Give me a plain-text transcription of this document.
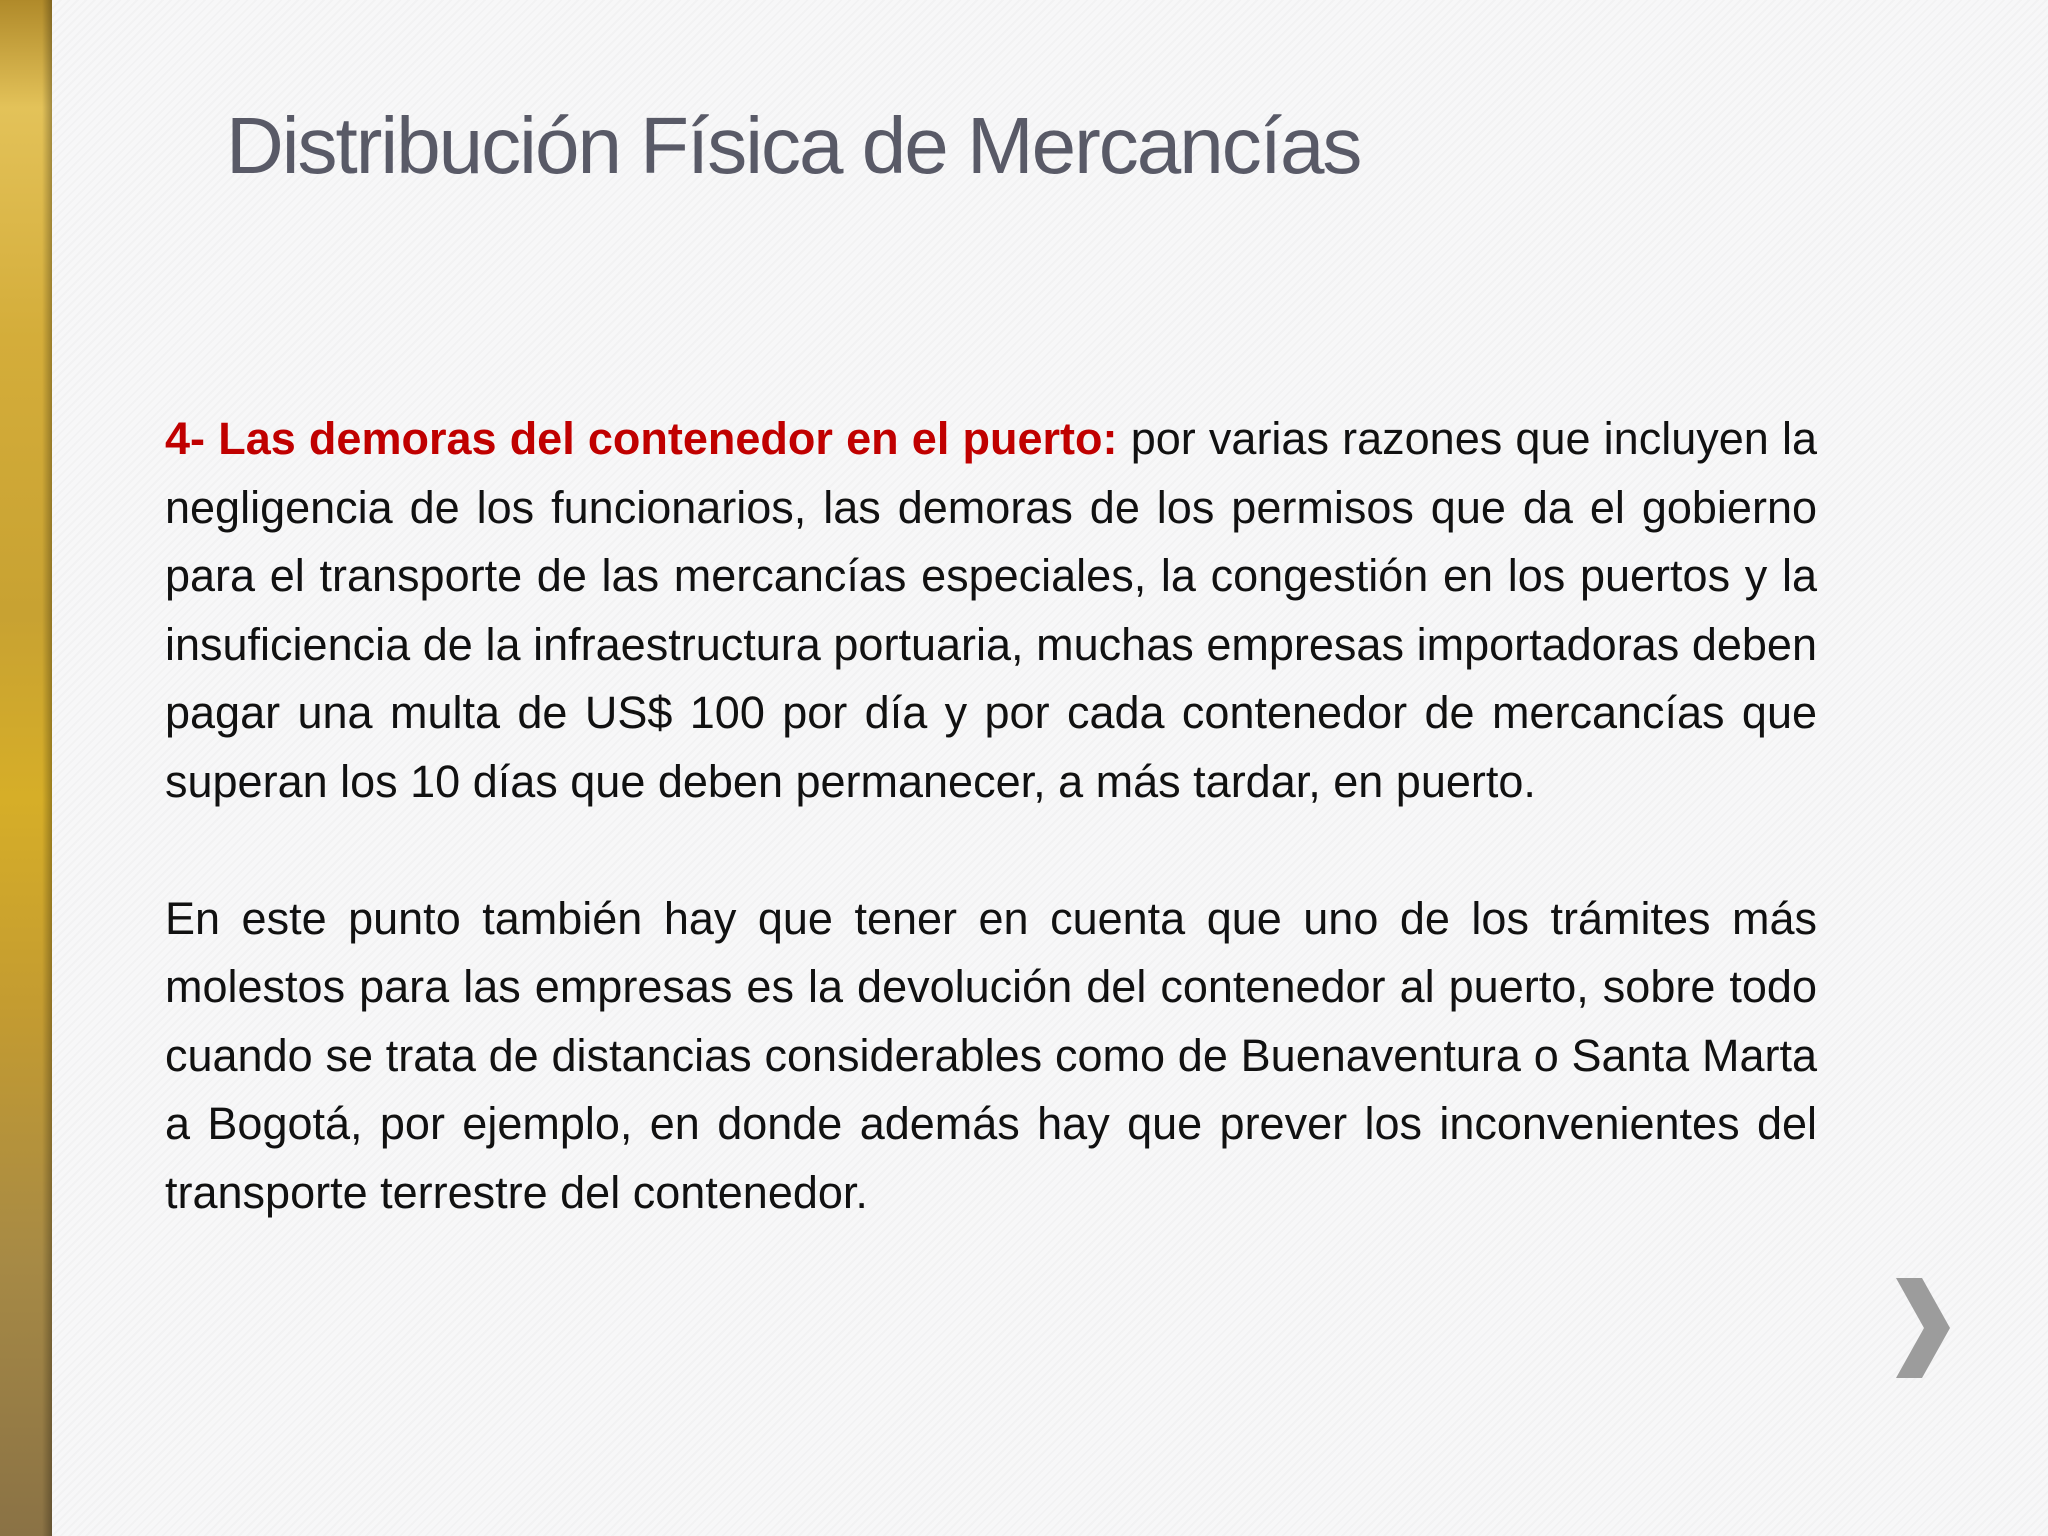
Distribución Física de Mercancías

4- Las demoras del contenedor en el puerto: por varias razones que incluyen la negligencia de los funcionarios, las demoras de los permisos que da el gobierno para el transporte de las mercancías especiales, la congestión en los puertos y la insuficiencia de la infraestructura portuaria, muchas empresas importadoras deben pagar una multa de US$ 100 por día y por cada contenedor de mercancías que superan los 10 días que deben permanecer, a más tardar, en puerto.

En este punto también hay que tener en cuenta que uno de los trámites más molestos para las empresas es la devolución del contenedor al puerto, sobre todo cuando se trata de distancias considerables como de Buenaventura o Santa Marta a Bogotá, por ejemplo, en donde además hay que prever los inconvenientes del transporte terrestre del contenedor.
